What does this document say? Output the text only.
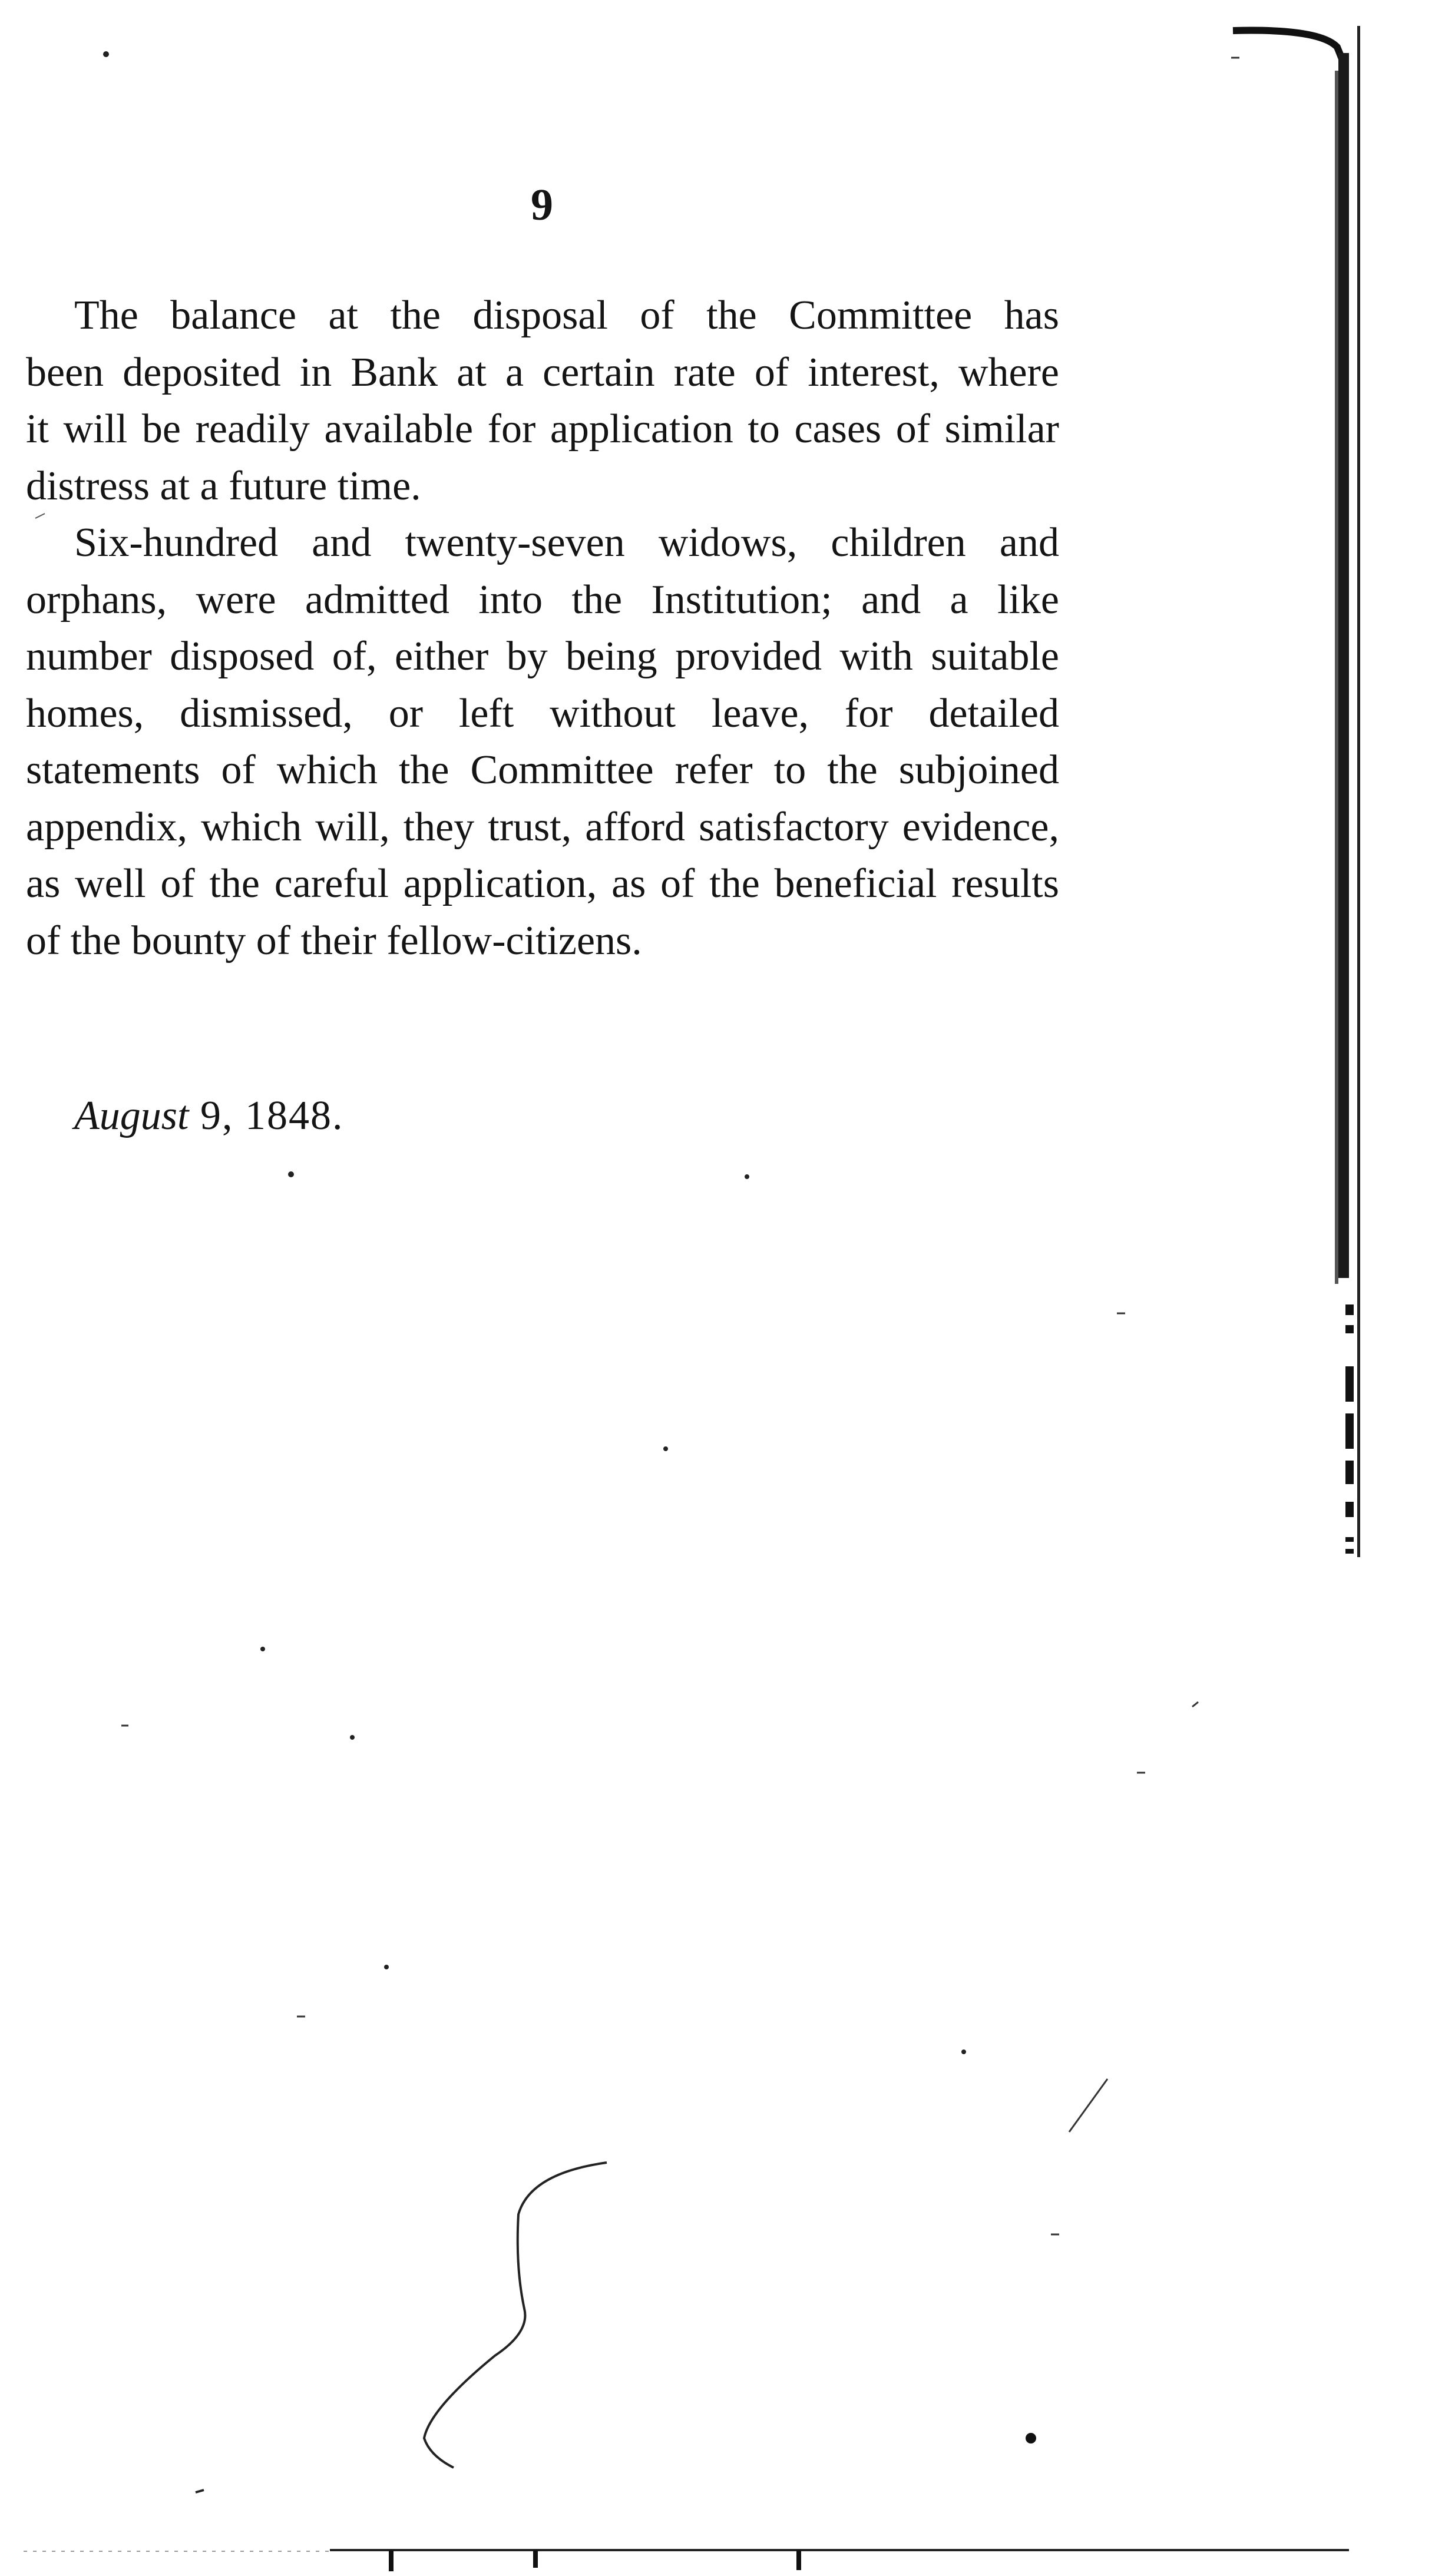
9
The balance at the disposal of the Committee has
been deposited in Bank at a certain rate of interest, where
it will be readily available for application to cases of similar
distress at a future time.
Six-hundred and twenty-seven widows, children and
orphans, were admitted into the Institution; and a like
number disposed of, either by being provided with suitable
homes, dismissed, or left without leave, for detailed
statements of which the Committee refer to the subjoined
appendix, which will, they trust, afford satisfactory evidence,
as well of the careful application, as of the beneficial results
of the bounty of their fellow-citizens.
August 9, 1848.
